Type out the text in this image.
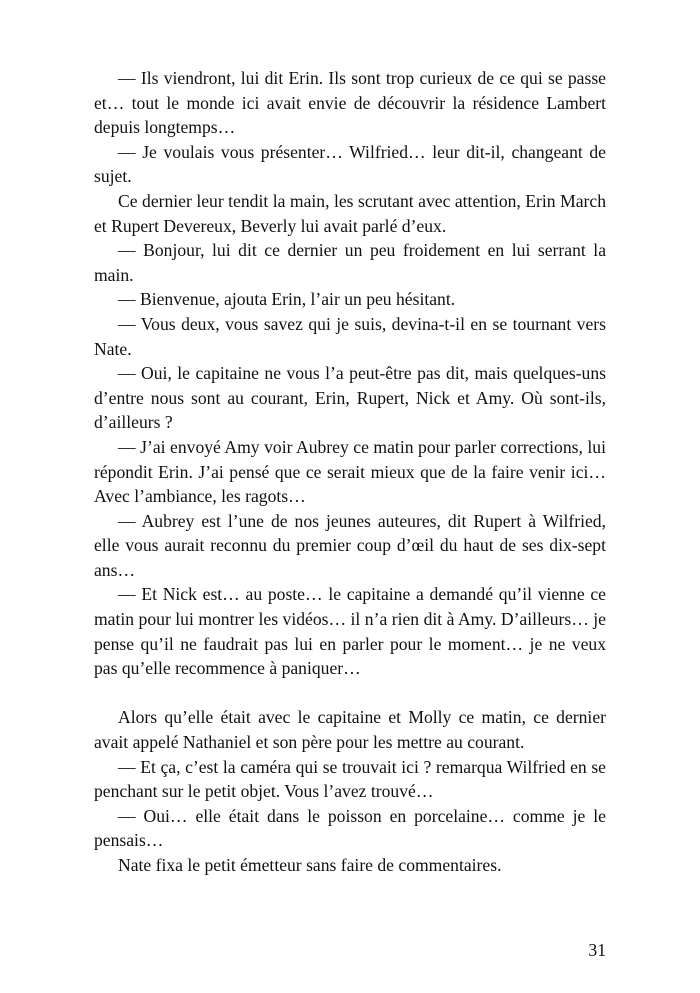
— Ils viendront, lui dit Erin. Ils sont trop curieux de ce qui se passe et… tout le monde ici avait envie de découvrir la résidence Lambert depuis longtemps…

— Je voulais vous présenter… Wilfried… leur dit-il, changeant de sujet.

Ce dernier leur tendit la main, les scrutant avec attention, Erin March et Rupert Devereux, Beverly lui avait parlé d’eux.

— Bonjour, lui dit ce dernier un peu froidement en lui serrant la main.

— Bienvenue, ajouta Erin, l’air un peu hésitant.

— Vous deux, vous savez qui je suis, devina-t-il en se tournant vers Nate.

— Oui, le capitaine ne vous l’a peut-être pas dit, mais quelques-uns d’entre nous sont au courant, Erin, Rupert, Nick et Amy. Où sont-ils, d’ailleurs ?

— J’ai envoyé Amy voir Aubrey ce matin pour parler corrections, lui répondit Erin. J’ai pensé que ce serait mieux que de la faire venir ici… Avec l’ambiance, les ragots…

— Aubrey est l’une de nos jeunes auteures, dit Rupert à Wilfried, elle vous aurait reconnu du premier coup d’œil du haut de ses dix-sept ans…

— Et Nick est… au poste… le capitaine a demandé qu’il vienne ce matin pour lui montrer les vidéos… il n’a rien dit à Amy. D’ailleurs… je pense qu’il ne faudrait pas lui en parler pour le moment… je ne veux pas qu’elle recommence à paniquer…

Alors qu’elle était avec le capitaine et Molly ce matin, ce dernier avait appelé Nathaniel et son père pour les mettre au courant.

— Et ça, c’est la caméra qui se trouvait ici ? remarqua Wilfried en se penchant sur le petit objet. Vous l’avez trouvé…

— Oui… elle était dans le poisson en porcelaine… comme je le pensais…

Nate fixa le petit émetteur sans faire de commentaires.

31
